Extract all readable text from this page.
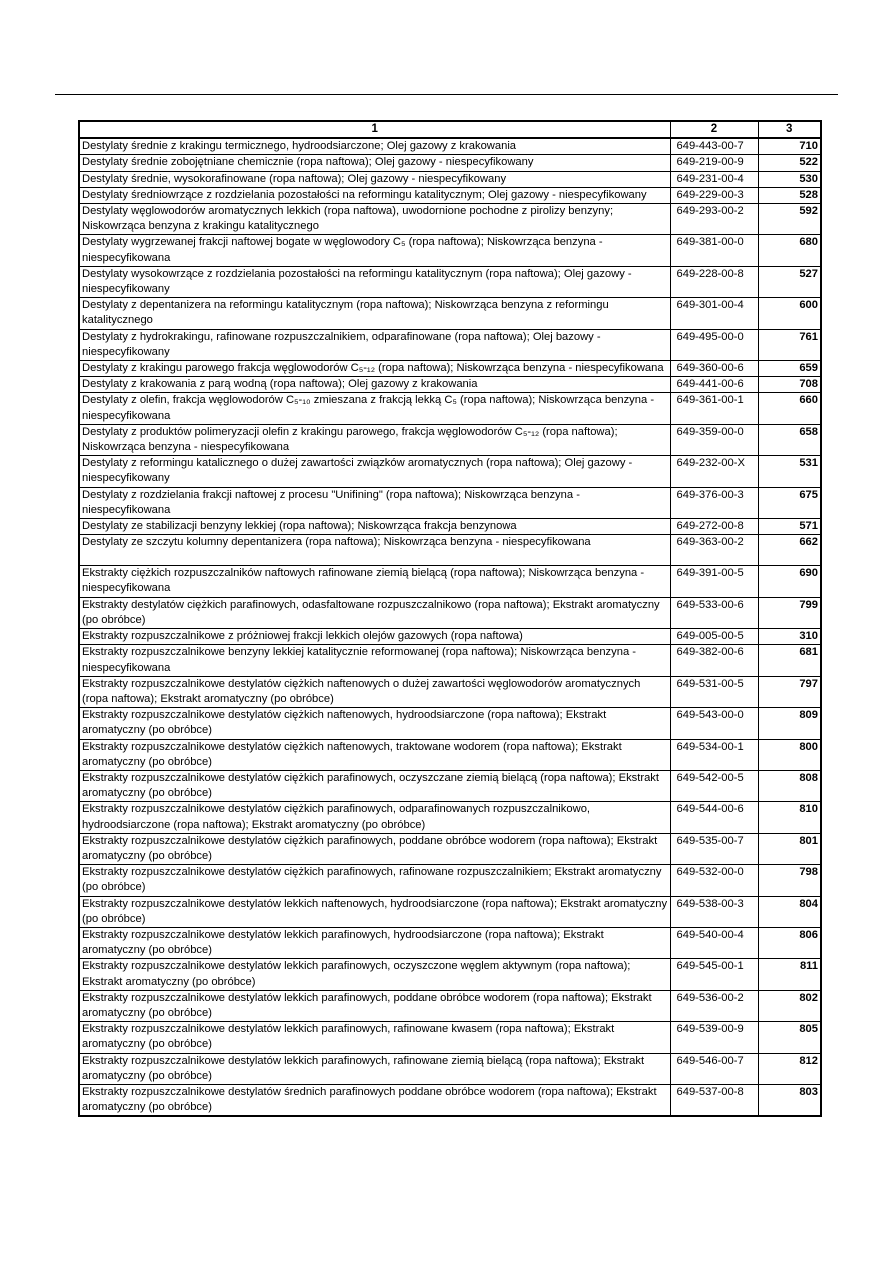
1	2	3
Destylaty średnie z krakingu termicznego, hydroodsiarczone; Olej gazowy z krakowania	649-443-00-7	710
Destylaty średnie zobojętniane chemicznie (ropa naftowa); Olej gazowy - niespecyfikowany	649-219-00-9	522
Destylaty średnie, wysokorafinowane (ropa naftowa); Olej gazowy - niespecyfikowany	649-231-00-4	530
Destylaty średniowrzące z rozdzielania pozostałości na reformingu katalitycznym; Olej gazowy - niespecyfikowany	649-229-00-3	528
Destylaty węglowodorów aromatycznych lekkich (ropa naftowa), uwodornione pochodne z pirolizy benzyny; Niskowrząca benzyna z krakingu katalitycznego	649-293-00-2	592
Destylaty wygrzewanej frakcji naftowej bogate w węglowodory C₅ (ropa naftowa); Niskowrząca benzyna - niespecyfikowana	649-381-00-0	680
Destylaty wysokowrzące z rozdzielania pozostałości na reformingu katalitycznym (ropa naftowa); Olej gazowy - niespecyfikowany	649-228-00-8	527
Destylaty z depentanizera na reformingu katalitycznym (ropa naftowa); Niskowrząca benzyna z reformingu katalitycznego	649-301-00-4	600
Destylaty z hydrokrakingu, rafinowane rozpuszczalnikiem, odparafinowane (ropa naftowa); Olej bazowy - niespecyfikowany	649-495-00-0	761
Destylaty z krakingu parowego frakcja węglowodorów C₅-₁₂ (ropa naftowa); Niskowrząca benzyna - niespecyfikowana	649-360-00-6	659
Destylaty z krakowania z parą wodną (ropa naftowa); Olej gazowy z krakowania	649-441-00-6	708
Destylaty z olefin, frakcja węglowodorów C₅-₁₀ zmieszana z frakcją lekką C₅ (ropa naftowa); Niskowrząca benzyna - niespecyfikowana	649-361-00-1	660
Destylaty z produktów polimeryzacji olefin z krakingu parowego, frakcja węglowodorów C₅-₁₂ (ropa naftowa); Niskowrząca benzyna - niespecyfikowana	649-359-00-0	658
Destylaty z reformingu katalicznego o dużej zawartości związków aromatycznych (ropa naftowa); Olej gazowy - niespecyfikowany	649-232-00-X	531
Destylaty z rozdzielania frakcji naftowej z procesu "Unifining" (ropa naftowa); Niskowrząca benzyna - niespecyfikowana	649-376-00-3	675
Destylaty ze stabilizacji benzyny lekkiej (ropa naftowa); Niskowrząca frakcja benzynowa	649-272-00-8	571
Destylaty ze szczytu kolumny depentanizera (ropa naftowa); Niskowrząca benzyna - niespecyfikowana	649-363-00-2	662
Ekstrakty ciężkich rozpuszczalników naftowych rafinowane ziemią bielącą (ropa naftowa); Niskowrząca benzyna - niespecyfikowana	649-391-00-5	690
Ekstrakty destylatów ciężkich parafinowych, odasfaltowane rozpuszczalnikowo (ropa naftowa); Ekstrakt aromatyczny (po obróbce)	649-533-00-6	799
Ekstrakty rozpuszczalnikowe z próżniowej frakcji lekkich olejów gazowych (ropa naftowa)	649-005-00-5	310
Ekstrakty rozpuszczalnikowe benzyny lekkiej katalitycznie reformowanej (ropa naftowa); Niskowrząca benzyna - niespecyfikowana	649-382-00-6	681
Ekstrakty rozpuszczalnikowe destylatów ciężkich naftenowych o dużej zawartości węglowodorów aromatycznych (ropa naftowa); Ekstrakt aromatyczny (po obróbce)	649-531-00-5	797
Ekstrakty rozpuszczalnikowe destylatów ciężkich naftenowych, hydroodsiarczone (ropa naftowa); Ekstrakt aromatyczny (po obróbce)	649-543-00-0	809
Ekstrakty rozpuszczalnikowe destylatów ciężkich naftenowych, traktowane wodorem (ropa naftowa); Ekstrakt aromatyczny (po obróbce)	649-534-00-1	800
Ekstrakty rozpuszczalnikowe destylatów ciężkich parafinowych, oczyszczane ziemią bielącą (ropa naftowa); Ekstrakt aromatyczny (po obróbce)	649-542-00-5	808
Ekstrakty rozpuszczalnikowe destylatów ciężkich parafinowych, odparafinowanych rozpuszczalnikowo, hydroodsiarczone (ropa naftowa); Ekstrakt aromatyczny (po obróbce)	649-544-00-6	810
Ekstrakty rozpuszczalnikowe destylatów ciężkich parafinowych, poddane obróbce wodorem (ropa naftowa); Ekstrakt aromatyczny (po obróbce)	649-535-00-7	801
Ekstrakty rozpuszczalnikowe destylatów ciężkich parafinowych, rafinowane rozpuszczalnikiem; Ekstrakt aromatyczny (po obróbce)	649-532-00-0	798
Ekstrakty rozpuszczalnikowe destylatów lekkich naftenowych, hydroodsiarczone (ropa naftowa); Ekstrakt aromatyczny (po obróbce)	649-538-00-3	804
Ekstrakty rozpuszczalnikowe destylatów lekkich parafinowych, hydroodsiarczone (ropa naftowa); Ekstrakt aromatyczny (po obróbce)	649-540-00-4	806
Ekstrakty rozpuszczalnikowe destylatów lekkich parafinowych, oczyszczone węglem aktywnym (ropa naftowa); Ekstrakt aromatyczny (po obróbce)	649-545-00-1	811
Ekstrakty rozpuszczalnikowe destylatów lekkich parafinowych, poddane obróbce wodorem (ropa naftowa); Ekstrakt aromatyczny (po obróbce)	649-536-00-2	802
Ekstrakty rozpuszczalnikowe destylatów lekkich parafinowych, rafinowane kwasem (ropa naftowa); Ekstrakt aromatyczny (po obróbce)	649-539-00-9	805
Ekstrakty rozpuszczalnikowe destylatów lekkich parafinowych, rafinowane ziemią bielącą (ropa naftowa); Ekstrakt aromatyczny (po obróbce)	649-546-00-7	812
Ekstrakty rozpuszczalnikowe destylatów średnich parafinowych poddane obróbce wodorem (ropa naftowa); Ekstrakt aromatyczny (po obróbce)	649-537-00-8	803
